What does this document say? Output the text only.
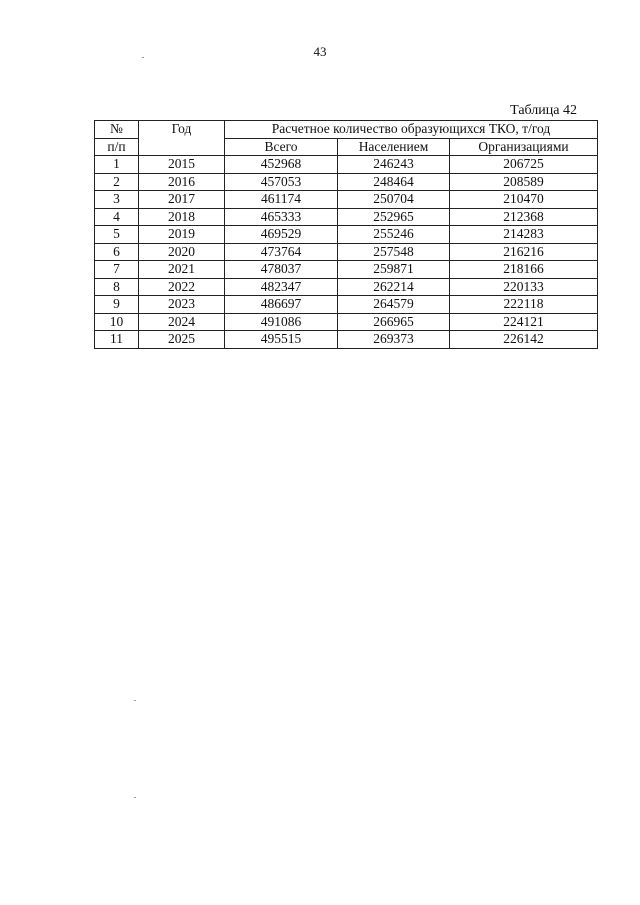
43
Таблица 42
№	Год	Расчетное количество образующихся ТКО, т/год		
п/п		Всего	Населением	Организациями
1	2015	452968	246243	206725
2	2016	457053	248464	208589
3	2017	461174	250704	210470
4	2018	465333	252965	212368
5	2019	469529	255246	214283
6	2020	473764	257548	216216
7	2021	478037	259871	218166
8	2022	482347	262214	220133
9	2023	486697	264579	222118
10	2024	491086	266965	224121
11	2025	495515	269373	226142
